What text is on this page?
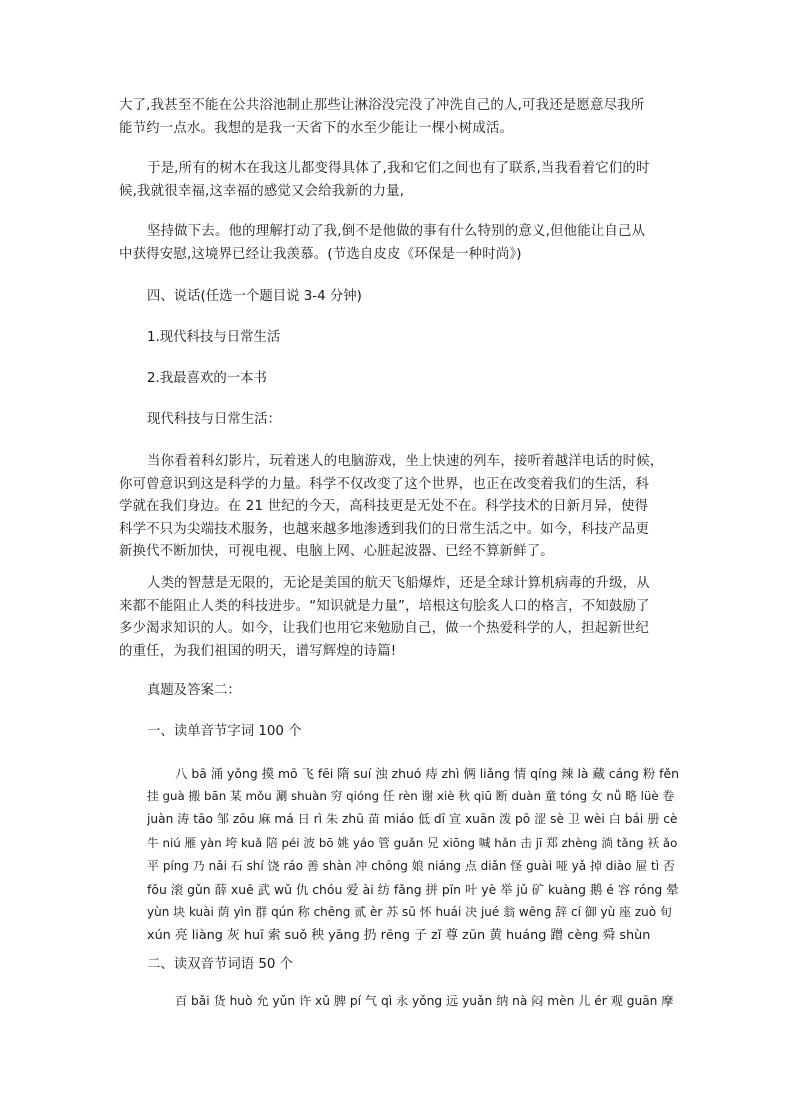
大了,我甚至不能在公共浴池制止那些让淋浴没完没了冲洗自己的人,可我还是愿意尽我所
能节约一点水。我想的是我一天省下的水至少能让一棵小树成活。

于是,所有的树木在我这儿都变得具体了,我和它们之间也有了联系,当我看着它们的时
候,我就很幸福,这幸福的感觉又会给我新的力量,

坚持做下去。他的理解打动了我,倒不是他做的事有什么特别的意义,但他能让自己从
中获得安慰,这境界已经让我羡慕。(节选自皮皮《环保是一种时尚》)

四、说话(任选一个题目说 3-4 分钟)

1.现代科技与日常生活

2.我最喜欢的一本书

现代科技与日常生活：

当你看着科幻影片，玩着迷人的电脑游戏，坐上快速的列车，接听着越洋电话的时候，
你可曾意识到这是科学的力量。科学不仅改变了这个世界，也正在改变着我们的生活，科
学就在我们身边。在 21 世纪的今天，高科技更是无处不在。科学技术的日新月异，使得
科学不只为尖端技术服务，也越来越多地渗透到我们的日常生活之中。如今，科技产品更
新换代不断加快，可视电视、电脑上网、心脏起波器、已经不算新鲜了。

人类的智慧是无限的，无论是美国的航天飞船爆炸，还是全球计算机病毒的升级，从
来都不能阻止人类的科技进步。“知识就是力量”，培根这句脍炙人口的格言，不知鼓励了
多少渴求知识的人。如今，让我们也用它来勉励自己，做一个热爱科学的人，担起新世纪
的重任，为我们祖国的明天，谱写辉煌的诗篇!

真题及答案二：

一、读单音节字词 100 个

八 bā 涌 yǒng 摸 mō 飞 fēi 隋 suí 浊 zhuó 痔 zhì 俩 liǎng 情 qíng 辣 là 藏 cáng 粉 fěn
挂 guà 搬 bān 某 mǒu 涮 shuàn 穷 qióng 任 rèn 谢 xiè 秋 qiū 断 duàn 童 tóng 女 nǚ 略 lüè 卷
juàn 涛 tāo 邹 zōu 麻 má 日 rì 朱 zhū 苗 miáo 低 dī 宣 xuān 泼 pō 涩 sè 卫 wèi 白 bái 册 cè
牛 niú 雁 yàn 垮 kuǎ 陪 péi 波 bō 姚 yáo 管 guǎn 兄 xiōng 喊 hǎn 击 jī 郑 zhèng 淌 tǎng 袄 ǎo
平 píng 乃 nǎi 石 shí 饶 ráo 善 shàn 冲 chōng 娘 niáng 点 diǎn 怪 guài 哑 yǎ 掉 diào 屉 tì 否
fǒu 滚 gǔn 薛 xuē 武 wǔ 仇 chóu 爱 ài 纺 fǎng 拼 pīn 叶 yè 举 jǔ 矿 kuàng 鹅 é 容 róng 晕
yùn 块 kuài 荫 yìn 群 qún 称 chēng 贰 èr 苏 sū 怀 huái 决 jué 翁 wēng 辞 cí 御 yù 座 zuò 旬
xún 亮 liàng 灰 huī 索 suǒ 秧 yāng 扔 rēng 子 zǐ 尊 zūn 黄 huáng 蹭 cèng 舜 shùn

二、读双音节词语 50 个

百 bǎi 货 huò 允 yǔn 许 xǔ 脾 pí 气 qì 永 yǒng 远 yuǎn 纳 nà 闷 mèn 儿 ér 观 guān 摩
